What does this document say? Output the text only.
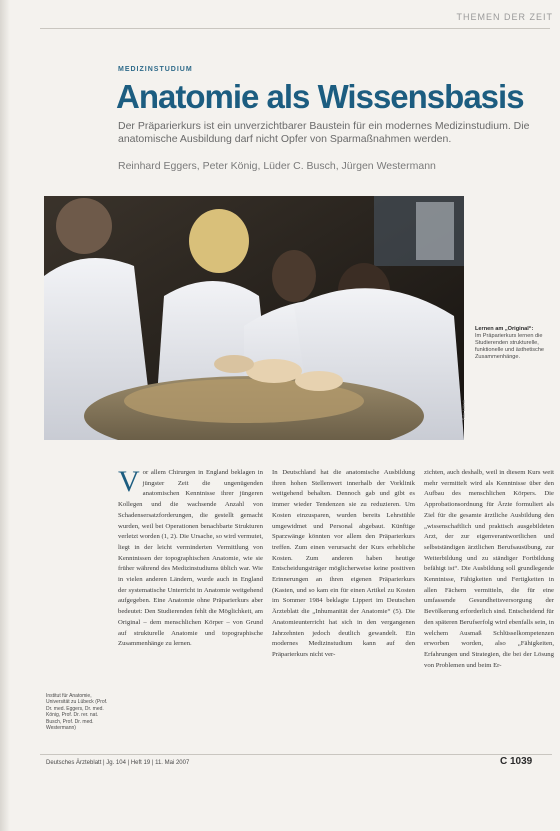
THEMEN DER ZEIT
MEDIZINSTUDIUM
Anatomie als Wissensbasis
Der Präparierkurs ist ein unverzichtbarer Baustein für ein modernes Medizinstudium. Die anatomische Ausbildung darf nicht Opfer von Sparmaßnahmen werden.
Reinhard Eggers, Peter König, Lüder C. Busch, Jürgen Westermann
Lernen am „Original“:
Im Präparierkurs lernen die Studierenden strukturelle, funktionelle und ästhetische Zusammenhänge.
Foto: Lübeck
V or allem Chirurgen in England beklagen in jüngster Zeit die ungenügenden anatomischen Kenntnisse ihrer jüngeren Kollegen und die wachsende Anzahl von Schadensersatzforderungen, die gestellt gemacht wurden, weil bei Operationen benachbarte Strukturen verletzt worden (1, 2). Die Ursache, so wird vermutet, liegt in der leicht verminderten Vermittlung von Kenntnissen der topographischen Anatomie, wie sie früher während des Medizinstudiums üblich war. Wie in vielen anderen Ländern, wurde auch in England der systematische Unterricht in Anatomie weitgehend aufgegeben. Eine Anatomie ohne Präparierkurs aber bedeutet: Den Studierenden fehlt die Möglichkeit, am Original – dem menschlichen Körper – von Grund auf strukturelle Anatomie und topographische Zusammenhänge zu lernen.

In Deutschland hat die anatomische Ausbildung ihren hohen Stellenwert innerhalb der Vorklinik weitgehend behalten. Dennoch gab und gibt es immer wieder Tendenzen sie zu reduzieren. Um Kosten einzusparen, wurden bereits Lehrstühle umgewidmet und Personal abgebaut. Künftige Sparzwänge könnten vor allem den Präparierkurs treffen. Zum einen verursacht der Kurs erhebliche Kosten. Zum anderen haben heutige Entscheidungsträger möglicherweise keine positiven Erinnerungen an ihren eigenen Präparierkurs (Kasten, und so kam ein für einen Artikel zu Kosten im Sommer 1984 beklagte Lippert im Deutschen Ärzteblatt die „Inhumanität der Anatomie“ (5). Die Anatomieunterricht hat sich in den vergangenen Jahrzehnten jedoch deutlich gewandelt. Ein modernes Medizinstudium kann auf den Präparierkurs nicht ver-

zichten, auch deshalb, weil in diesem Kurs weit mehr vermittelt wird als Kenntnisse über den Aufbau des menschlichen Körpers. Die Approbationsordnung für Ärzte formuliert als Ziel für die gesamte ärztliche Ausbildung den „wissenschaftlich und praktisch ausgebildeten Arzt, der zur eigenverantwortlichen und selbstständigen ärztlichen Berufsausübung, zur Weiterbildung und zu ständiger Fortbildung befähigt ist“. Die Ausbildung soll grundlegende Kenntnisse, Fähigkeiten und Fertigkeiten in allen Fächern vermitteln, die für eine umfassende Gesundheitsversorgung der Bevölkerung erforderlich sind. Entscheidend für den späteren Berufserfolg wird ebenfalls sein, in welchem Ausmaß Schlüsselkompetenzen erworben worden, also „Fähigkeiten, Erfahrungen und Strategien, die bei der Lösung von Problemen und beim Er-

Institut für Anatomie, Universität zu Lübeck (Prof. Dr. med. Eggers, Dr. med. König, Prof. Dr. rer. nat. Busch, Prof. Dr. med. Westermann)
Deutsches Ärzteblatt | Jg. 104 | Heft 19 | 11. Mai 2007	C 1039
